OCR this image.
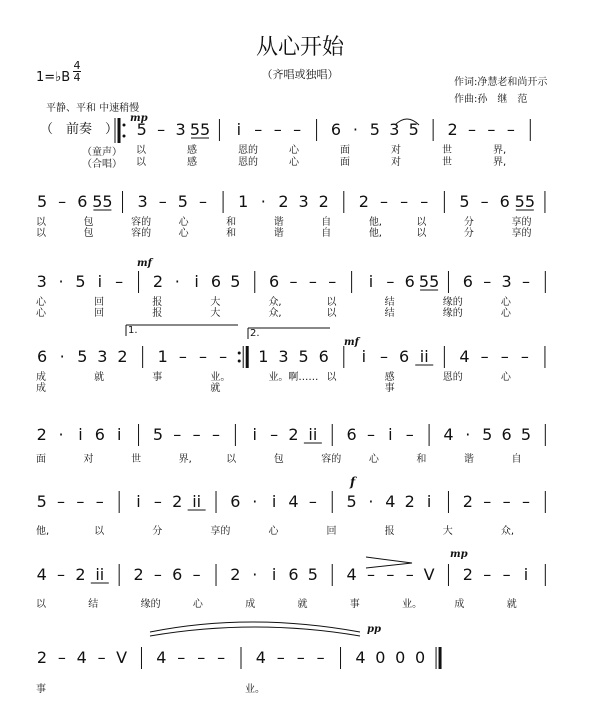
从心开始
（齐唱或独唱）
作词:净慧老和尚开示
作曲:孙　继　范
1=♭B
4
4
平静、平和 中速稍慢
（　前奏　）
mp
5 – 3 55 i – – – 6 · 5 3 5 2 – – –
以	感	恩的	心	面	对	世	界,
以	感	恩的	心	面	对	世	界,
（童声）
（合唱）
5 – 6 55 3 – 5 – 1 · 2 3 2 2 – – – 5 – 6 55
以	包	容的	心	和	谐	自	他,	以	分	享的
以	包	容的	心	和	谐	自	他,	以	分	享的
3 · 5 i – 2 · i 6 5 6 – – – i – 6 55 6 – 3 –
心	回	报	大	众,	以	结	缘的	心
心	回	报	大	众,	以	结	缘的	心
6 · 5 3 2 1 – – – 1 3 5 6 i – 6 ii 4 – – –
成	就	事	业。	业。啊…… 以	感	恩的	心
成	就	事
2 · i 6 i 5 – – – i – 2 ii 6 – i – 4 · 5 6 5
面	对	世	界,	以	包	容的	心	和	谐	自
5 – – – i – 2 ii 6 · i 4 – 5 · 4 2 i 2 – – –
他,	以	分	享的	心	回	报	大	众,
4 – 2 ii 2 – 6 – 2 · i 6 5 4 – – – V 2 – – i
以	结	缘的	心	成	就	事	业。	成	就
2 – 4 – V 4 – – – 4 – – – 4 0 0 0
事	业。
1.	2.
mf
mf
f
mp
pp
